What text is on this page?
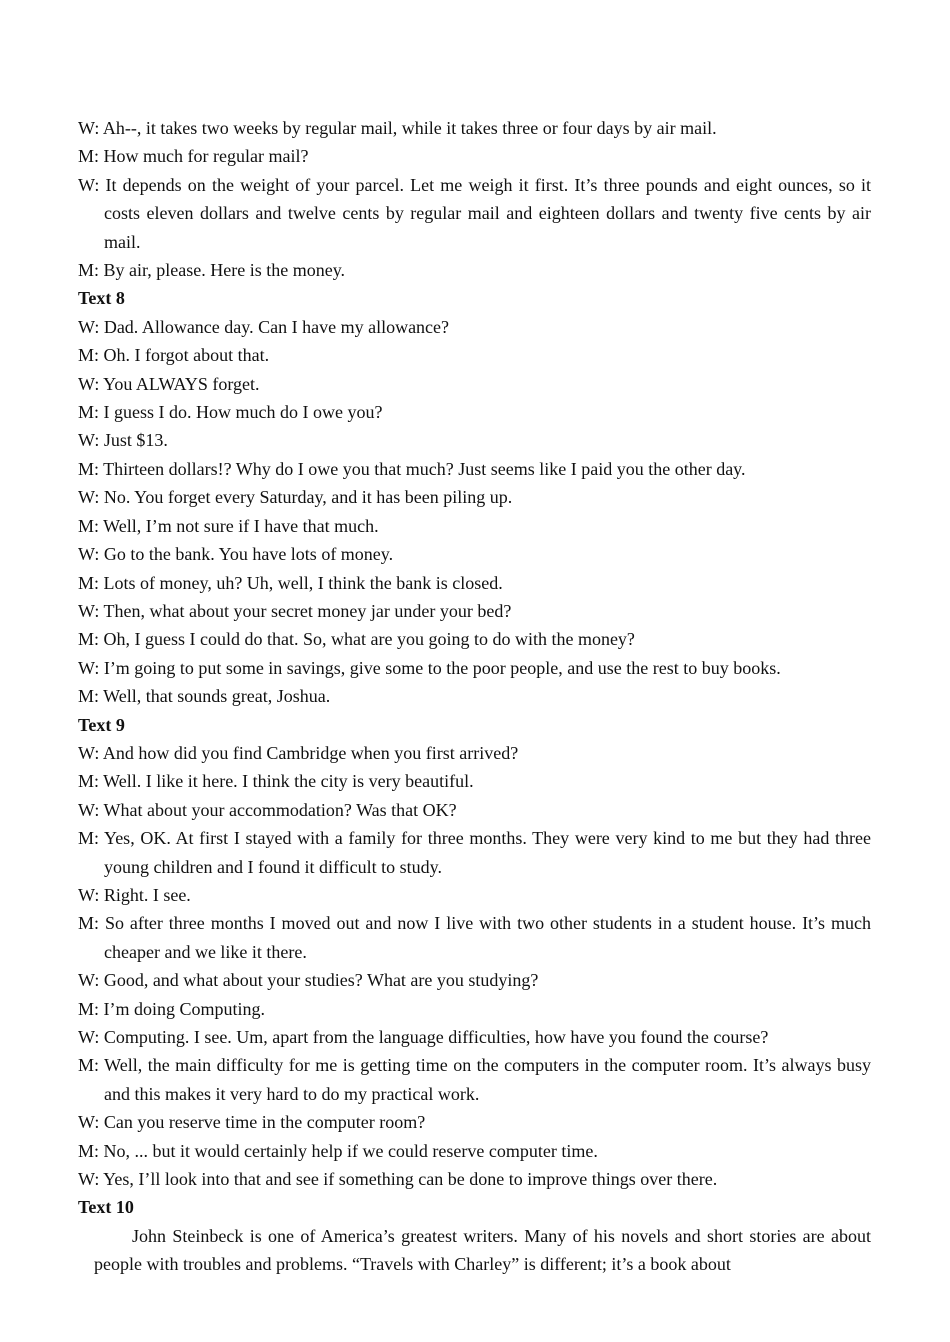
W: Ah--, it takes two weeks by regular mail, while it takes three or four days by air mail.

M: How much for regular mail?

W: It depends on the weight of your parcel. Let me weigh it first. It’s three pounds and eight ounces, so it costs eleven dollars and twelve cents by regular mail and eighteen dollars and twenty five cents by air mail.

M: By air, please. Here is the money.

Text 8

W: Dad. Allowance day. Can I have my allowance?

M: Oh. I forgot about that.

W: You ALWAYS forget.

M: I guess I do. How much do I owe you?

W: Just $13.

M: Thirteen dollars!? Why do I owe you that much? Just seems like I paid you the other day.

W: No. You forget every Saturday, and it has been piling up.

M: Well, I’m not sure if I have that much.

W: Go to the bank. You have lots of money.

M: Lots of money, uh? Uh, well, I think the bank is closed.

W: Then, what about your secret money jar under your bed?

M: Oh, I guess I could do that. So, what are you going to do with the money?

W: I’m going to put some in savings, give some to the poor people, and use the rest to buy books.

M: Well, that sounds great, Joshua.

Text 9

W: And how did you find Cambridge when you first arrived?

M: Well. I like it here. I think the city is very beautiful.

W: What about your accommodation? Was that OK?

M: Yes, OK. At first I stayed with a family for three months. They were very kind to me but they had three young children and I found it difficult to study.

W: Right. I see.

M: So after three months I moved out and now I live with two other students in a student house. It’s much cheaper and we like it there.

W: Good, and what about your studies? What are you studying?

M: I’m doing Computing.

W: Computing. I see. Um, apart from the language difficulties, how have you found the course?

M: Well, the main difficulty for me is getting time on the computers in the computer room. It’s always busy and this makes it very hard to do my practical work.

W: Can you reserve time in the computer room?

M: No, ... but it would certainly help if we could reserve computer time.

W: Yes, I’ll look into that and see if something can be done to improve things over there.

Text 10

John Steinbeck is one of America’s greatest writers. Many of his novels and short stories are about people with troubles and problems. “Travels with Charley” is different; it’s a book about
